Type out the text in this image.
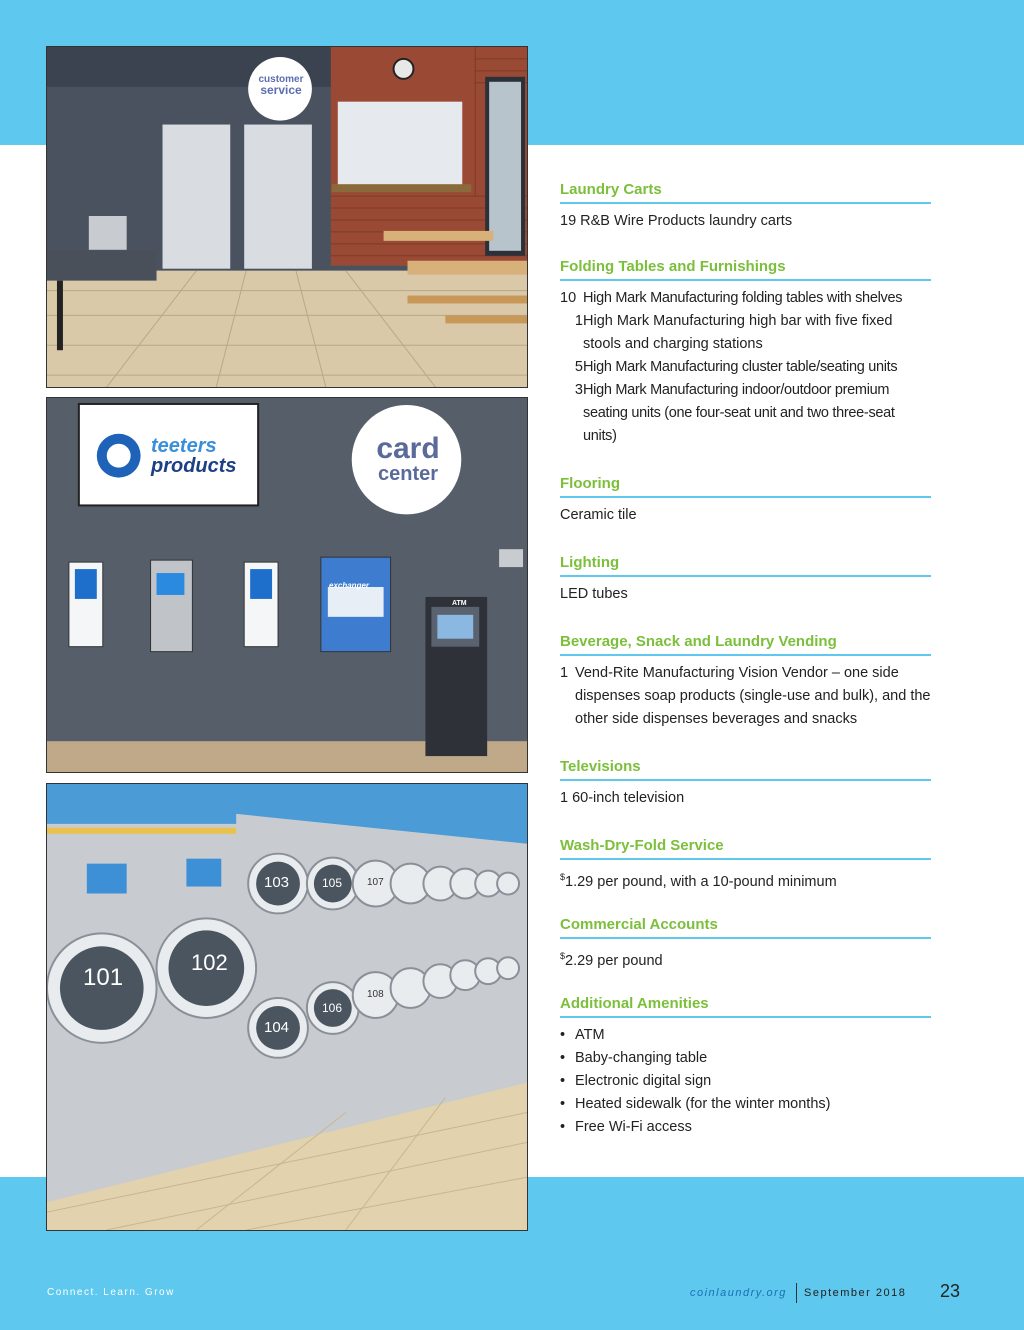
customer
service
teeters
products
card
center
exchanger
ATM
101
102
103
104
105
106
107
108
Laundry Carts
19 R&B Wire Products laundry carts
Folding Tables and Furnishings
10 High Mark Manufacturing folding tables with shelves
1 High Mark Manufacturing high bar with five fixed stools and charging stations
5 High Mark Manufacturing cluster table/seating units
3 High Mark Manufacturing indoor/outdoor premium seating units (one four-seat unit and two three-seat units)
Flooring
Ceramic tile
Lighting
LED tubes
Beverage, Snack and Laundry Vending
1 Vend-Rite Manufacturing Vision Vendor – one side dispenses soap products (single-use and bulk), and the other side dispenses beverages and snacks
Televisions
1 60-inch television
Wash-Dry-Fold Service
$1.29 per pound, with a 10-pound minimum
Commercial Accounts
$2.29 per pound
Additional Amenities
• ATM
• Baby-changing table
• Electronic digital sign
• Heated sidewalk (for the winter months)
• Free Wi-Fi access
Connect. Learn. Grow	coinlaundry.org September 2018 23
